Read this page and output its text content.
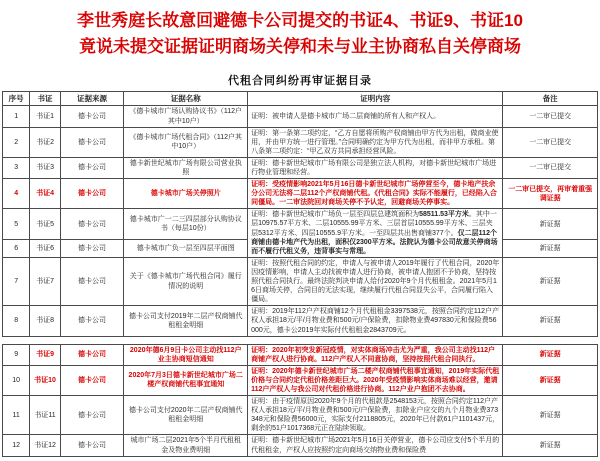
李世秀庭长故意回避德卡公司提交的书证4、书证9、书证10
竟说未提交证据证明商场关停和未与业主协商私自关停商场
代租合同纠纷再审证据目录
序号	书证	证据来源	证据名称	证明内容	备注
1	书证1	德卡公司	《德卡城市广场认购协议书》（112户其中10户）	证明：被申请人是德卡城市广场二层商铺的所有人和产权人。	一二审已提交
2	书证2	德卡公司	《德卡城市广场代租合同》（112户其中10户）	证明：第一条第二项约定，“乙方自愿将所购产权商铺由甲方代为出租，做商业使用，并由甲方统一进行管理。”合同明确约定为甲方代为出租，而非甲方承租。第八条第二项约定：“甲乙双方共同承担经营风险。	一二审已提交
3	书证3	德卡公司	德卡新世纪城市广场有限公司营业执照	证明：德卡新世纪城市广场有限公司是独立法人机构，对德卡新世纪城市广场进行物业管理和经营。	一二审已提交
4	书证4	德卡公司	德卡城市广场关停照片	证明：受疫情影响2021年5月16日德卡新世纪城市广场停营至今，德卡地产扶余分公司无法将二层112个产权商铺代租。《代租合同》实际不能履行，已经陷入合同僵局。一二审法院回对商场关停不予认定，回避商场关停事实。	一二审已提交，再审着重强调证据
5	书证5	德卡公司	德卡城市广一二三四层部分认购协议书（每层10份）	证明：德卡新世纪城市广场负一层至四层总建筑面积为58511.53平方米。其中一层10975.57平方米、二层10555.99平方米、三层首层10555.99平方米、三层夹层5312平方米、四层10555.9平方米。一至四层共出售商铺377个。仅二层112个商铺由德卡地产代为出租，面积仅2300平方米。法院认为德卡公司故意关停商场而不履行代租义务，违背事实与常理。	新证据
6	书证6	德卡公司	德卡城市广负一层至四层平面图		新证据
7	书证7	德卡公司	关于《德卡城市广场代租合同》履行情况的说明	证明：按照代租合同的约定，申请人与被申请人2019年履行了代租合同，2020年因疫情影响，申请人主动找被申请人进行协商，被申请人抱团不予协商，坚持按照代租合同执行。最终法院判决申请人给付2020年9个月代租租金。2021年5月16日商场关停，合同目的无法实现，继续履行代租合同显失公平，合同履行陷入僵局。	新证据
8	书证8	德卡公司	德卡公司支付2019年二层产权商铺代租租金明细	证明：2019年112户产权商铺12个月代租租金3397538元，按照合同约定112户产权人承担18元/平/月物业费和500元/户保险费，扣除物业费497830元和保险费56000元，德卡公2019年实际付代租租金2843709元。	新证据
9	书证9	德卡公司	2020年德6月9日卡公司主动找112户业主协商短信通知	证明：2020年初突发新冠疫情，对实体商场冲击尤为严重，我公司主动找112户商铺产权人进行协商。112户产权人不同意协商，坚持按照代租合同执行。	新证据
10	书证10	德卡公司	2020年7月3日德卡新世纪城市广场二楼产权商铺代租事宜通知	证明：2020年德卡新世纪城市广场二楼产权商铺代租事宜通知，2019年实际代租价格与合同约定代租价格差距巨大。2020年受疫情影响实体商场难以经营，邀请112户产权人与我公司对代租价格进行协商。112户业户抱团不去协商。	新证据
11	书证11	德卡公司	德卡公司支付2020年二层产权商铺代租租金明细	证明：由于疫情原因2020年9个月的代租款是2548153元，按照合同约定112户产权人承担18元/平/月物业费和500元/户保险费，扣除业户应交的九个月物业费373348元和保险费56000元，实际支付2118805元，2020年已付款61户1101437元，剩余的51户1017368元正在陆续领取。	新证据
12	书证12	德卡公司	城市广场二层2021年5个半月代租租金及物业费明细	证明：德卡新世纪城市广场2021年5月16日关停营业，德卡公司应支付5个半月的代租租金，产权人应按照约定向商场交纳物业费和保险费	新证据
